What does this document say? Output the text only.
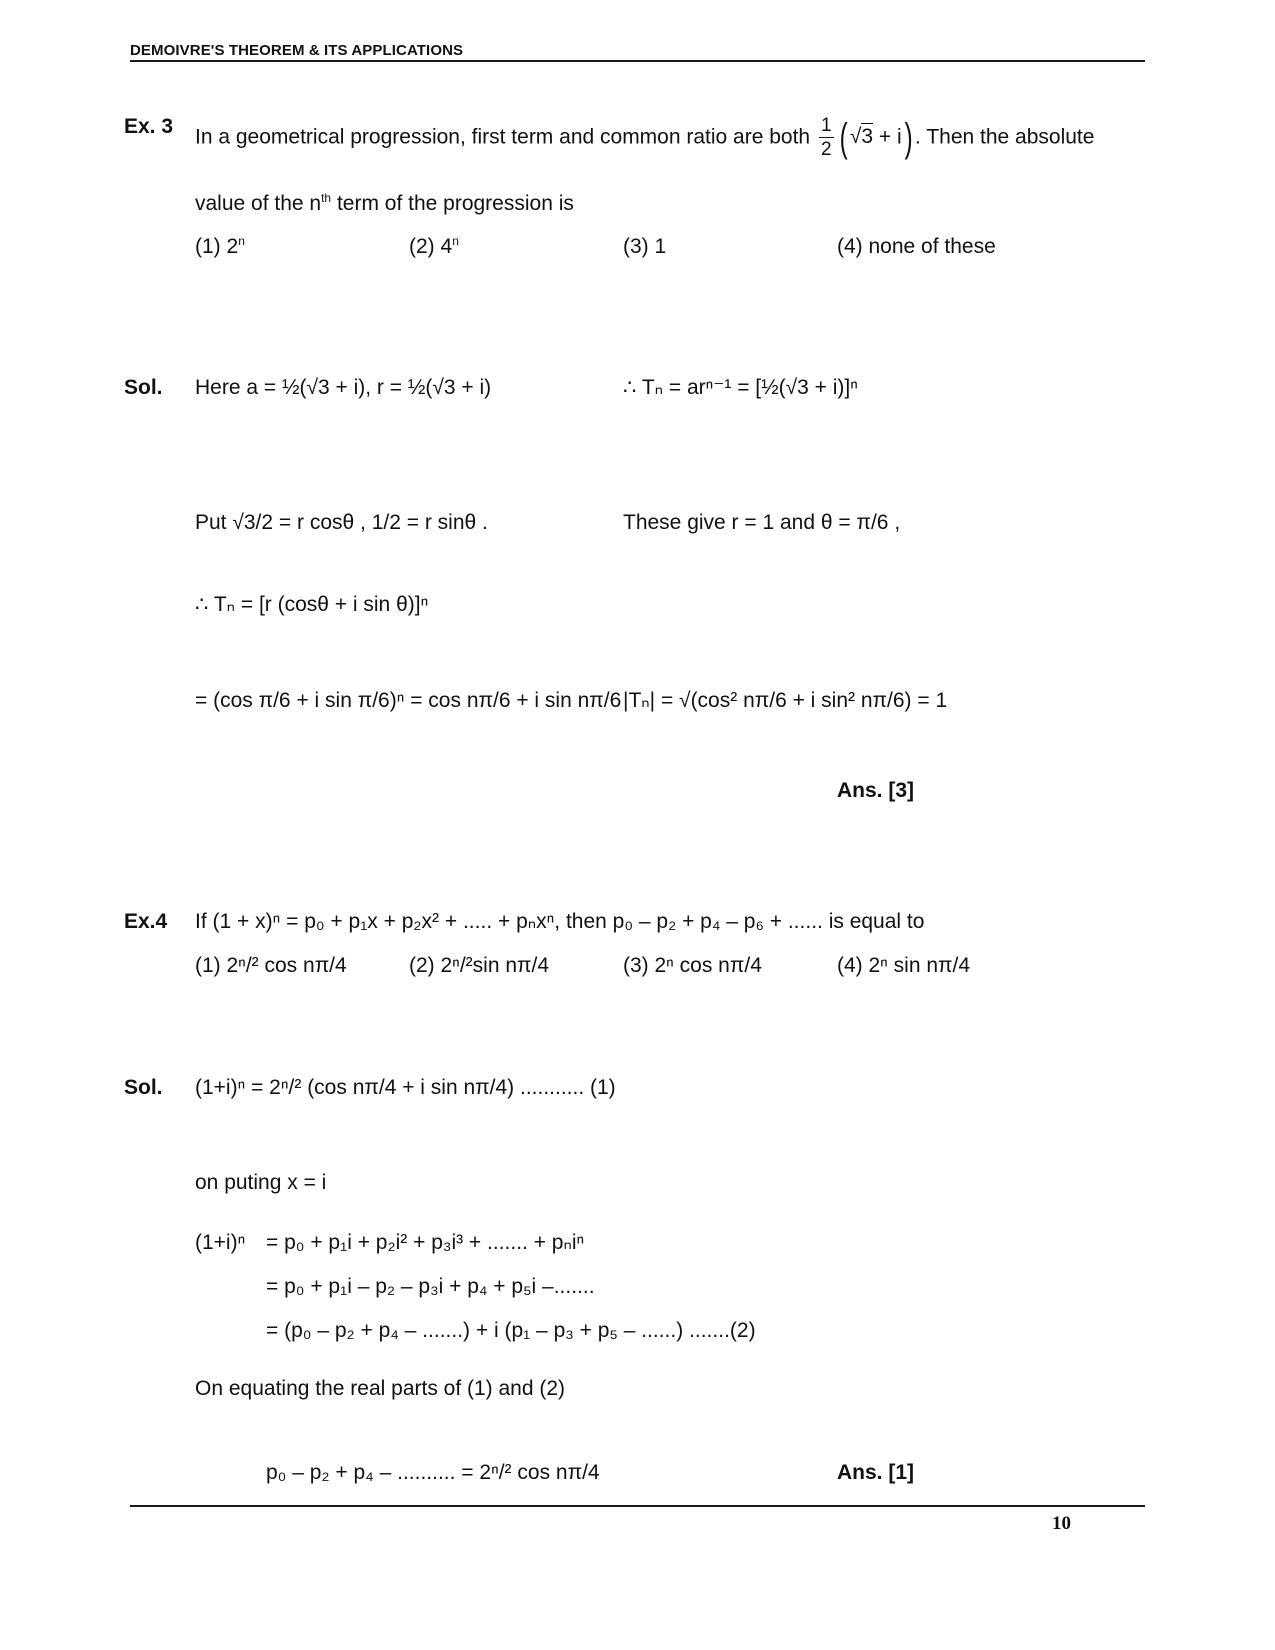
DEMOIVRE'S THEOREM & ITS APPLICATIONS
Ex. 3 In a geometrical progression, first term and common ratio are both $\frac{1}{2}$ ( √3 + i) . Then the absolute
value of the $n^{th}$ term of the progression is
(1) 2$^n$	(2) 4$^n$	(3) 1	(4) none of these
Sol. Here a = ½(√3 + i), r = ½(√3 + i)	∴ Tₙ = arⁿ⁻¹ = [½(√3 + i)]ⁿ
Put √3/2 = r cosθ , 1/2 = r sinθ .	These give r = 1 and θ = π/6 ,
∴ Tₙ = [r (cosθ + i sin θ)]ⁿ
= (cos π/6 + i sin π/6)ⁿ = cos nπ/6 + i sin nπ/6 |Tₙ| = √(cos² nπ/6 + i sin² nπ/6) = 1
Ans. [3]
Ex.4 If (1 + x)ⁿ = p₀ + p₁x + p₂x² + ..... + pₙxⁿ, then p₀ – p₂ + p₄ – p₆ + ...... is equal to
(1) 2ⁿ/² cos nπ/4	(2) 2ⁿ/²sin nπ/4	(3) 2ⁿ cos nπ/4	(4) 2ⁿ sin nπ/4
Sol. (1+i)ⁿ = 2ⁿ/² (cos nπ/4 + i sin nπ/4) ........... (1)
on puting x = i
(1+i)ⁿ = p₀ + p₁i + p₂i² + p₃i³ + ....... + pₙiⁿ
= p₀ + p₁i – p₂ – p₃i + p₄ + p₅i –.......
= (p₀ – p₂ + p₄ – .......) + i (p₁ – p₃ + p₅ – ......) .......(2)
On equating the real parts of (1) and (2)
p₀ – p₂ + p₄ – .......... = 2ⁿ/² cos nπ/4	Ans. [1]
10
